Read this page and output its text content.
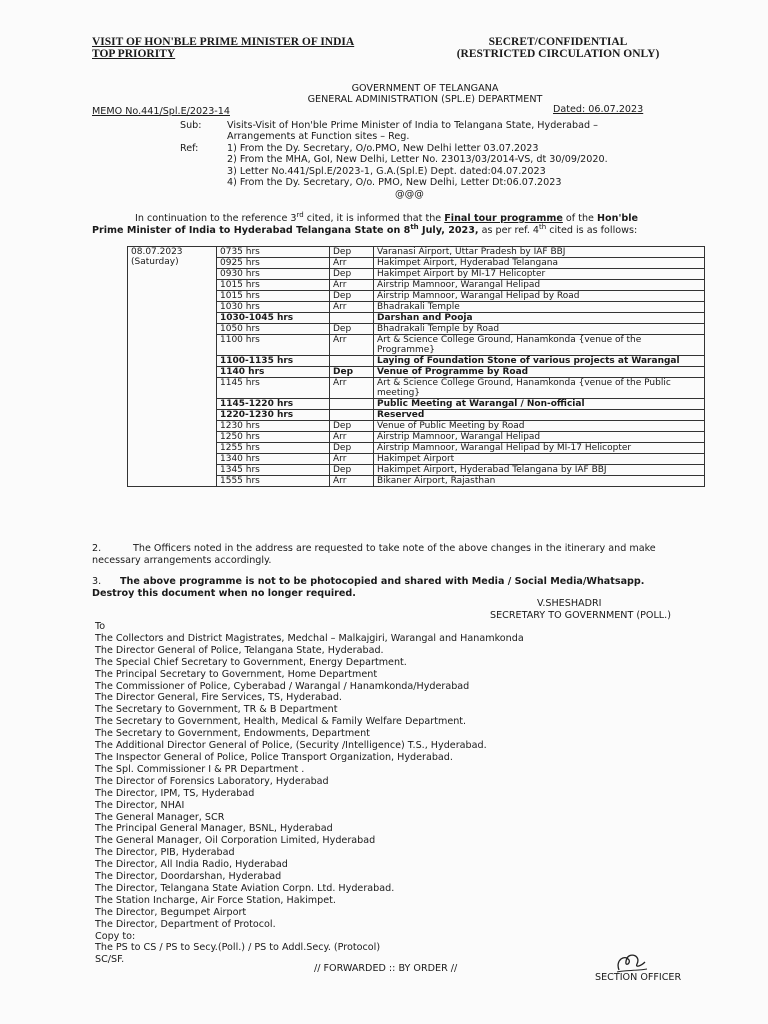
VISIT OF HON'BLE PRIME MINISTER OF INDIA
TOP PRIORITY
SECRET/CONFIDENTIAL
(RESTRICTED CIRCULATION ONLY)
GOVERNMENT OF TELANGANA
GENERAL ADMINISTRATION (SPL.E) DEPARTMENT
MEMO No.441/Spl.E/2023-14	Dated: 06.07.2023
Sub:	Visits-Visit of Hon'ble Prime Minister of India to Telangana State, Hyderabad –
Arrangements at Function sites – Reg.
Ref:	1) From the Dy. Secretary, O/o.PMO, New Delhi letter 03.07.2023
2) From the MHA, GoI, New Delhi, Letter No. 23013/03/2014-VS, dt 30/09/2020.
3) Letter No.441/Spl.E/2023-1, G.A.(Spl.E) Dept. dated:04.07.2023
4) From the Dy. Secretary, O/o. PMO, New Delhi, Letter Dt:06.07.2023
@@@
In continuation to the reference 3rd cited, it is informed that the Final tour programme of the Hon'ble
Prime Minister of India to Hyderabad Telangana State on 8th July, 2023, as per ref. 4th cited is as follows:
08.07.2023
(Saturday)	0735 hrs	Dep	Varanasi Airport, Uttar Pradesh by IAF BBJ
	0925 hrs	Arr	Hakimpet Airport, Hyderabad Telangana
	0930 hrs	Dep	Hakimpet Airport by MI-17 Helicopter
	1015 hrs	Arr	Airstrip Mamnoor, Warangal Helipad
	1015 hrs	Dep	Airstrip Mamnoor, Warangal Helipad by Road
	1030 hrs	Arr	Bhadrakali Temple
	1030-1045 hrs		Darshan and Pooja
	1050 hrs	Dep	Bhadrakali Temple by Road
	1100 hrs	Arr	Art & Science College Ground, Hanamkonda {venue of the Programme}
	1100-1135 hrs		Laying of Foundation Stone of various projects at Warangal
	1140 hrs	Dep	Venue of Programme by Road
	1145 hrs	Arr	Art & Science College Ground, Hanamkonda {venue of the Public meeting}
	1145-1220 hrs		Public Meeting at Warangal / Non-official
	1220-1230 hrs		Reserved
	1230 hrs	Dep	Venue of Public Meeting by Road
	1250 hrs	Arr	Airstrip Mamnoor, Warangal Helipad
	1255 hrs	Dep	Airstrip Mamnoor, Warangal Helipad by MI-17 Helicopter
	1340 hrs	Arr	Hakimpet Airport
	1345 hrs	Dep	Hakimpet Airport, Hyderabad Telangana by IAF BBJ
	1555 hrs	Arr	Bikaner Airport, Rajasthan
2.	The Officers noted in the address are requested to take note of the above changes in the itinerary and make
necessary arrangements accordingly.
3. The above programme is not to be photocopied and shared with Media / Social Media/Whatsapp.
Destroy this document when no longer required.
V.SHESHADRI
SECRETARY TO GOVERNMENT (POLL.)
To
The Collectors and District Magistrates, Medchal – Malkajgiri, Warangal and Hanamkonda
The Director General of Police, Telangana State, Hyderabad.
The Special Chief Secretary to Government, Energy Department.
The Principal Secretary to Government, Home Department
The Commissioner of Police, Cyberabad / Warangal / Hanamkonda/Hyderabad
The Director General, Fire Services, TS, Hyderabad.
The Secretary to Government, TR & B Department
The Secretary to Government, Health, Medical & Family Welfare Department.
The Secretary to Government, Endowments, Department
The Additional Director General of Police, (Security /Intelligence) T.S., Hyderabad.
The Inspector General of Police, Police Transport Organization, Hyderabad.
The Spl. Commissioner I & PR Department .
The Director of Forensics Laboratory, Hyderabad
The Director, IPM, TS, Hyderabad
The Director, NHAI
The General Manager, SCR
The Principal General Manager, BSNL, Hyderabad
The General Manager, Oil Corporation Limited, Hyderabad
The Director, PIB, Hyderabad
The Director, All India Radio, Hyderabad
The Director, Doordarshan, Hyderabad
The Director, Telangana State Aviation Corpn. Ltd. Hyderabad.
The Station Incharge, Air Force Station, Hakimpet.
The Director, Begumpet Airport
The Director, Department of Protocol.
Copy to:
The PS to CS / PS to Secy.(Poll.) / PS to Addl.Secy. (Protocol)
SC/SF.
// FORWARDED :: BY ORDER //
SECTION OFFICER
